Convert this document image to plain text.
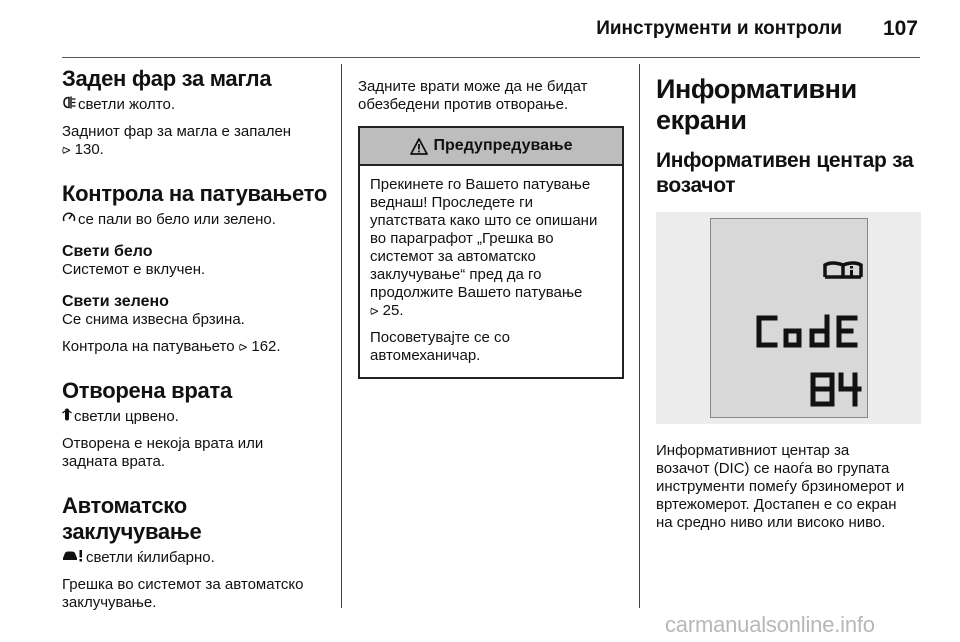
Иинструменти и контроли 107
Заден фар за магла

светли жолто.

Задниот фар за магла е запален

⪧ 130.

Контрола на патувањето

се пали во бело или зелено.

Свети бело

Системот е вклучен.

Свети зелено

Се снима извесна брзина.

Контрола на патувањето ⪧ 162.

Отворена врата

светли црвено.

Отворена е некоја врата или

задната врата.

Автоматско заклучување

светли ќилибарно.

Грешка во системот за автоматско

заклучување.

Задните врати може да не бидат

обезбедени против отворање.

Предупредување

Прекинете го Вашето патување

веднаш! Проследете ги

упатствата како што се опишани

во параграфот „Грешка во

системот за автоматско

заклучување“ пред да го

продолжите Вашето патување

⪧ 25.

Посоветувајте се со

автомеханичар.

Информативни
екрани
Информативен центар за
возачот

Информативниот центар за

возачот (DIC) се наоѓа во групата

инструменти помеѓу брзиномерот и

вртежомерот. Достапен е со екран

на средно ниво или високо ниво.

carmanualsonline.info
